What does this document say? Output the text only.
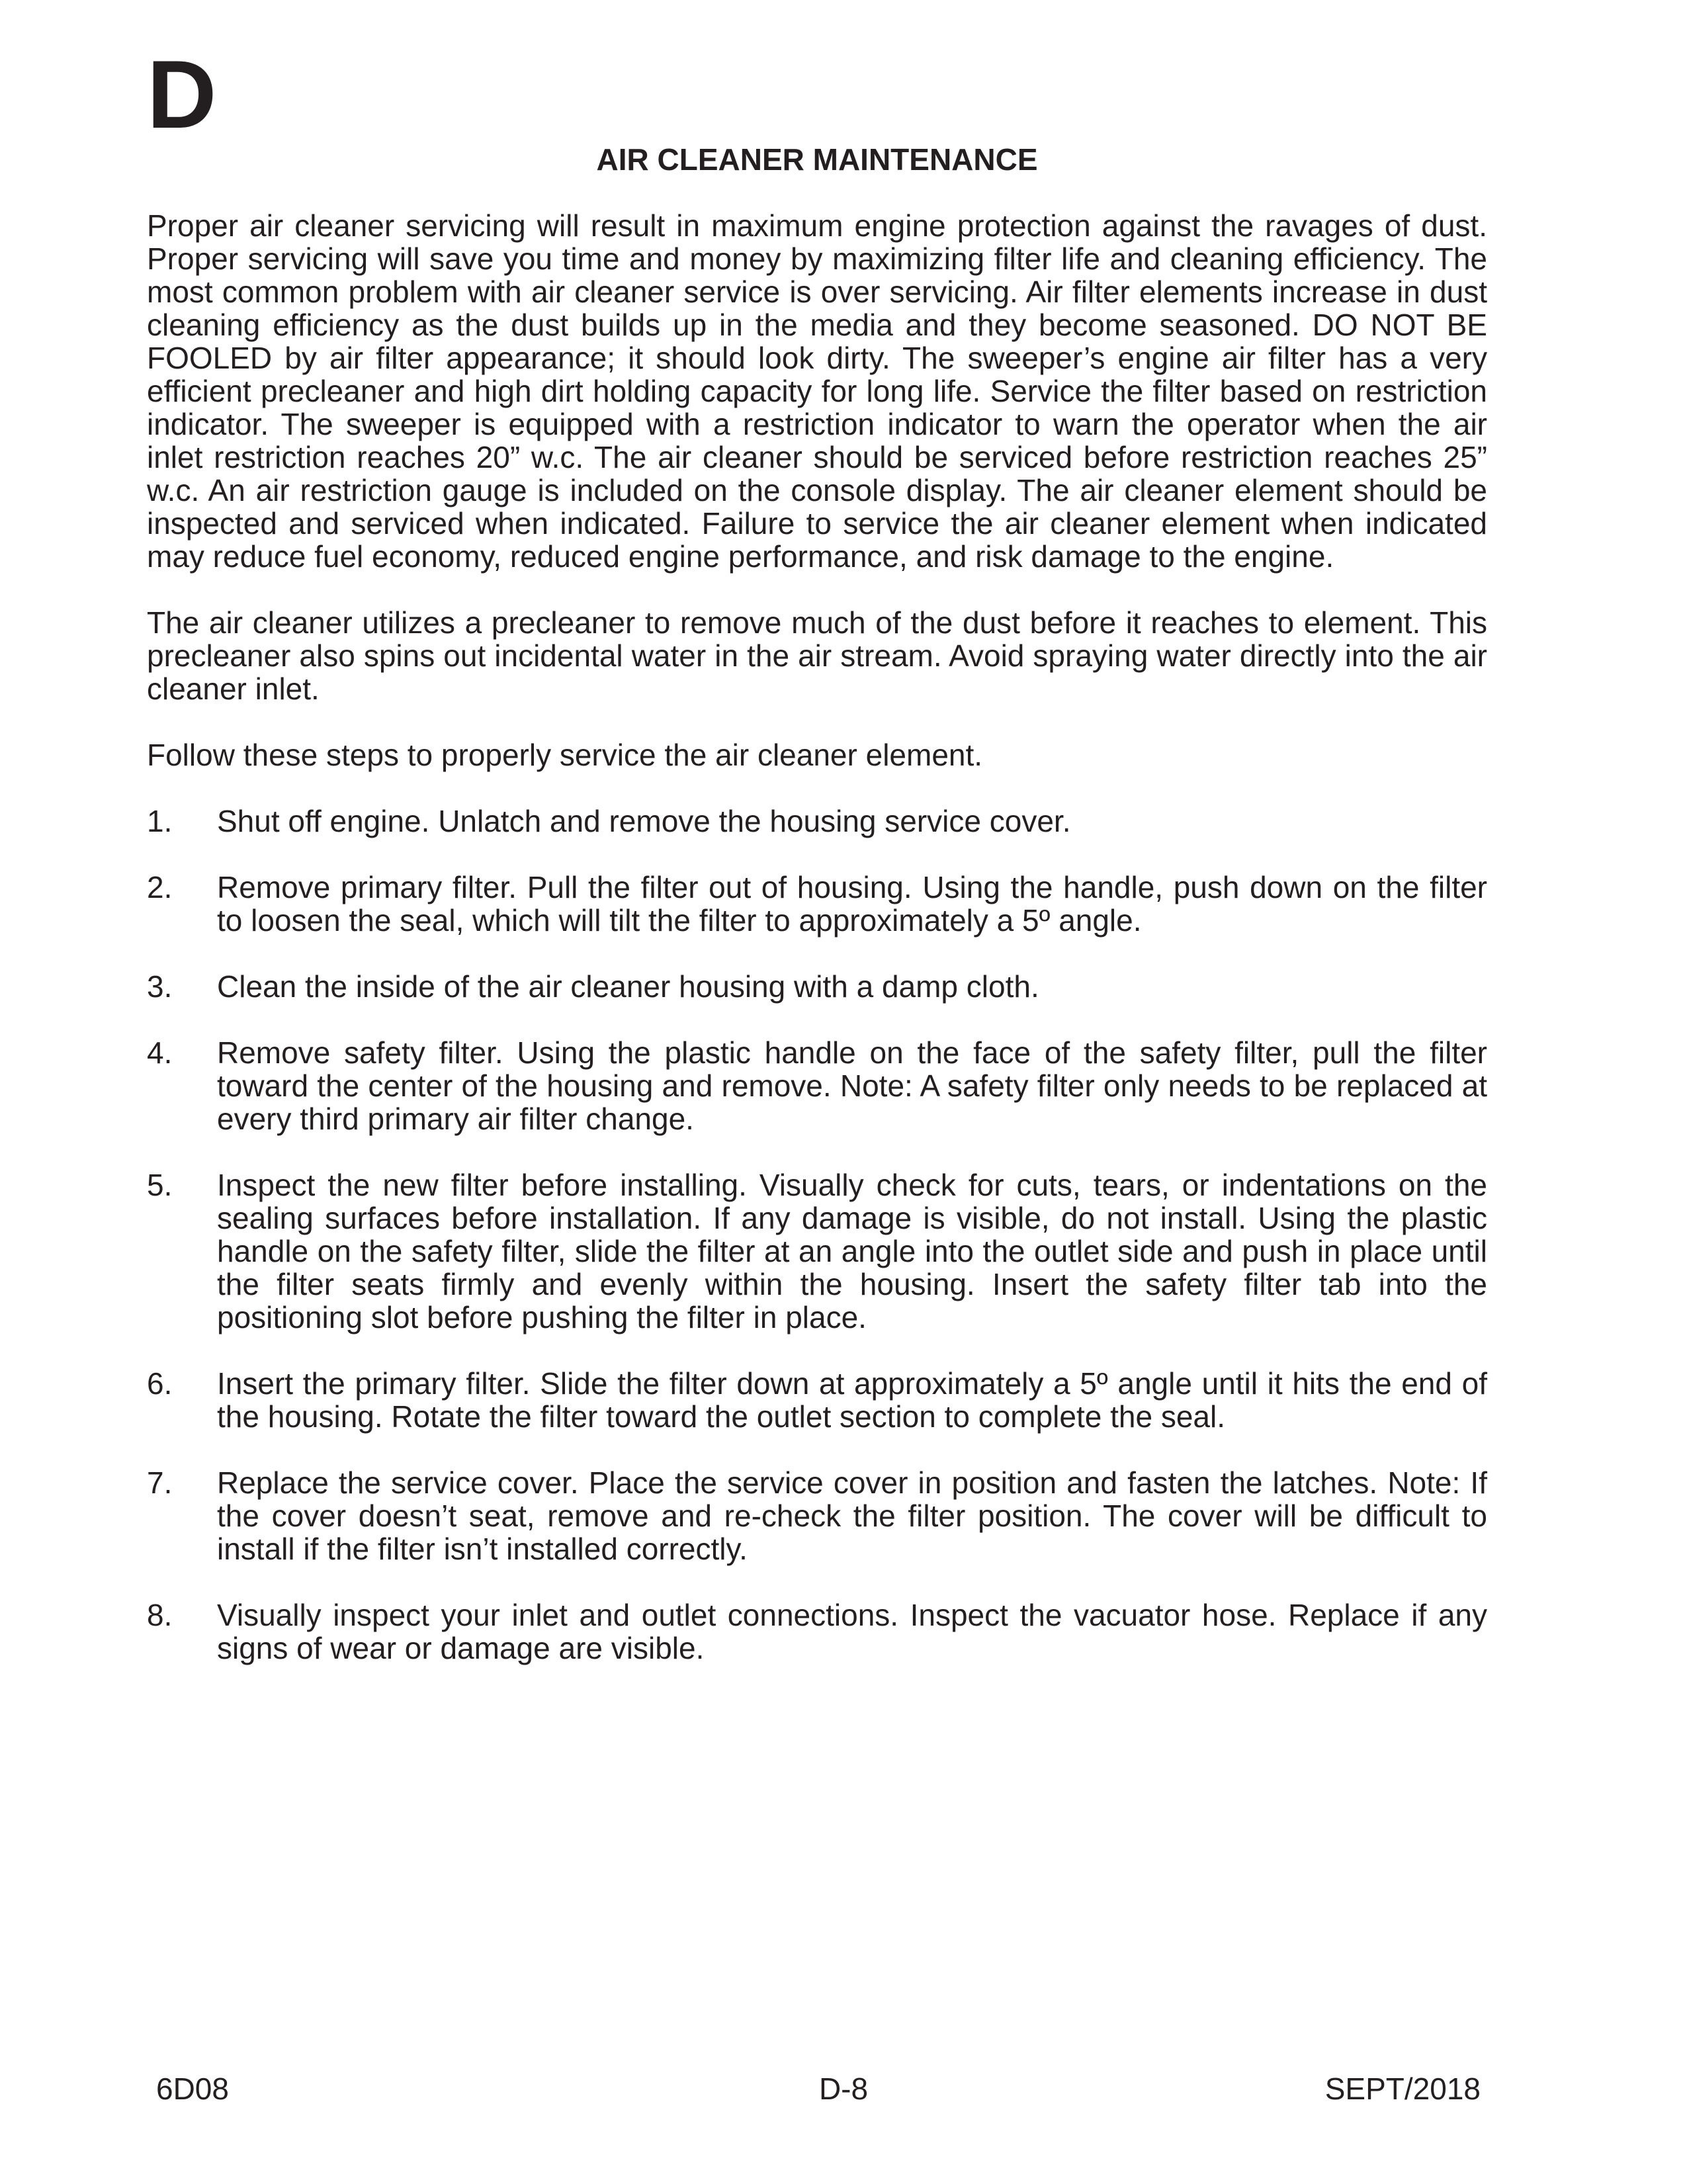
D
AIR CLEANER MAINTENANCE

Proper air cleaner servicing will result in maximum engine protection against the ravages of dust. Proper servicing will save you time and money by maximizing filter life and cleaning efficiency. The most common problem with air cleaner service is over servicing. Air filter elements increase in dust cleaning efficiency as the dust builds up in the media and they become seasoned. DO NOT BE FOOLED by air filter appearance; it should look dirty. The sweeper’s engine air filter has a very efficient precleaner and high dirt holding capacity for long life. Service the filter based on restriction indicator. The sweeper is equipped with a restriction indicator to warn the operator when the air inlet restriction reaches 20” w.c. The air cleaner should be serviced before restriction reaches 25” w.c. An air restriction gauge is included on the console display. The air cleaner element should be inspected and serviced when indicated. Failure to service the air cleaner element when indicated may reduce fuel economy, reduced engine performance, and risk damage to the engine.

The air cleaner utilizes a precleaner to remove much of the dust before it reaches to element. This precleaner also spins out incidental water in the air stream. Avoid spraying water directly into the air cleaner inlet.

Follow these steps to properly service the air cleaner element.

1.	Shut off engine. Unlatch and remove the housing service cover.
2.	Remove primary filter. Pull the filter out of housing. Using the handle, push down on the filter to loosen the seal, which will tilt the filter to approximately a 5º angle.
3.	Clean the inside of the air cleaner housing with a damp cloth.
4.	Remove safety filter. Using the plastic handle on the face of the safety filter, pull the filter toward the center of the housing and remove. Note: A safety filter only needs to be replaced at every third primary air filter change.
5.	Inspect the new filter before installing. Visually check for cuts, tears, or indentations on the sealing surfaces before installation. If any damage is visible, do not install. Using the plastic handle on the safety filter, slide the filter at an angle into the outlet side and push in place until the filter seats firmly and evenly within the housing. Insert the safety filter tab into the positioning slot before pushing the filter in place.
6.	Insert the primary filter. Slide the filter down at approximately a 5º angle until it hits the end of the housing. Rotate the filter toward the outlet section to complete the seal.
7.	Replace the service cover. Place the service cover in position and fasten the latches. Note: If the cover doesn’t seat, remove and re-check the filter position. The cover will be difficult to install if the filter isn’t installed correctly.
8.	Visually inspect your inlet and outlet connections. Inspect the vacuator hose. Replace if any signs of wear or damage are visible.

6D08	D-8	SEPT/2018
